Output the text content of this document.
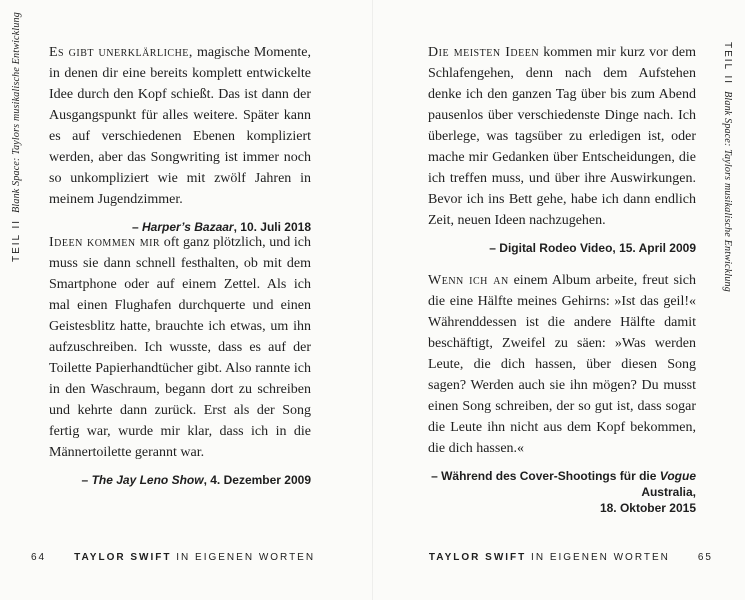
TEIL IIBlank Space: Taylors musikalische Entwicklung Es gibt unerklärliche, magische Momente, in denen dir eine bereits komplett entwickelte Idee durch den Kopf schießt. Das ist dann der Ausgangspunkt für alles weitere. Später kann es auf verschiedenen Ebenen kompliziert werden, aber das Songwriting ist immer noch so unkompliziert wie mit zwölf Jahren in meinem Jugendzimmer.

– Harper’s Bazaar, 10. Juli 2018

Ideen kommen mir oft ganz plötzlich, und ich muss sie dann schnell festhalten, ob mit dem Smartphone oder auf einem Zettel. Als ich mal einen Flughafen durchquerte und einen Geistesblitz hatte, brauchte ich etwas, um ihn aufzuschreiben. Ich wusste, dass es auf der Toilette Papierhandtücher gibt. Also rannte ich in den Waschraum, begann dort zu schreiben und kehrte dann zurück. Erst als der Song fertig war, wurde mir klar, dass ich in die Männertoilette gerannt war.

– The Jay Leno Show, 4. Dezember 2009
64	TAYLOR SWIFT IN EIGENEN WORTEN

Die meisten Ideen kommen mir kurz vor dem Schlafengehen, denn nach dem Aufstehen denke ich den ganzen Tag über bis zum Abend pausenlos über verschiedenste Dinge nach. Ich überlege, was tagsüber zu erledigen ist, oder mache mir Gedanken über Entscheidungen, die ich treffen muss, und über ihre Auswirkungen. Bevor ich ins Bett gehe, habe ich dann endlich Zeit, neuen Ideen nachzugehen.

– Digital Rodeo Video, 15. April 2009

Wenn ich an einem Album arbeite, freut sich die eine Hälfte meines Gehirns: »Ist das geil!« Währenddessen ist die andere Hälfte damit beschäftigt, Zweifel zu säen: »Was werden Leute, die dich hassen, über diesen Song sagen? Werden auch sie ihn mögen? Du musst einen Song schreiben, der so gut ist, dass sogar die Leute ihn nicht aus dem Kopf bekommen, die dich hassen.«

– Während des Cover-Shootings für die Vogue Australia,
18. Oktober 2015
TEIL IIBlank Space: Taylors musikalische Entwicklung
TAYLOR SWIFT IN EIGENEN WORTEN	65
